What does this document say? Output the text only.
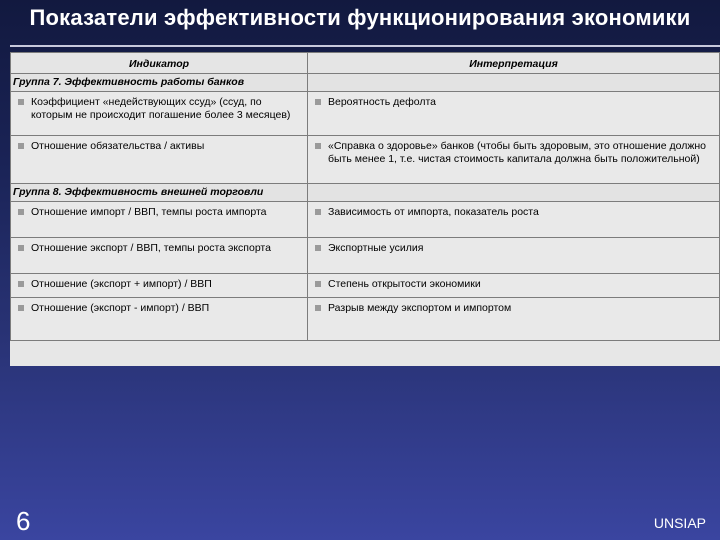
Показатели эффективности функционирования экономики
Индикатор	Интерпретация
Группа 7. Эффективность работы банков	

Коэффициент «недействующих ссуд» (ссуд, по которым не происходит погашение более 3 месяцев)	Вероятность дефолта

Отношение обязательства / активы	«Справка о здоровье» банков (чтобы быть здоровым, это отношение должно быть менее 1, т.е. чистая стоимость капитала должна быть положительной)
Группа 8. Эффективность внешней торговли	

Отношение импорт / ВВП, темпы роста импорта	Зависимость от импорта, показатель роста

Отношение экспорт / ВВП, темпы роста экспорта	Экспортные усилия

Отношение (экспорт + импорт) / ВВП	Степень открытости экономики

Отношение (экспорт - импорт) / ВВП	Разрыв между экспортом и импортом
6	UNSIAP
